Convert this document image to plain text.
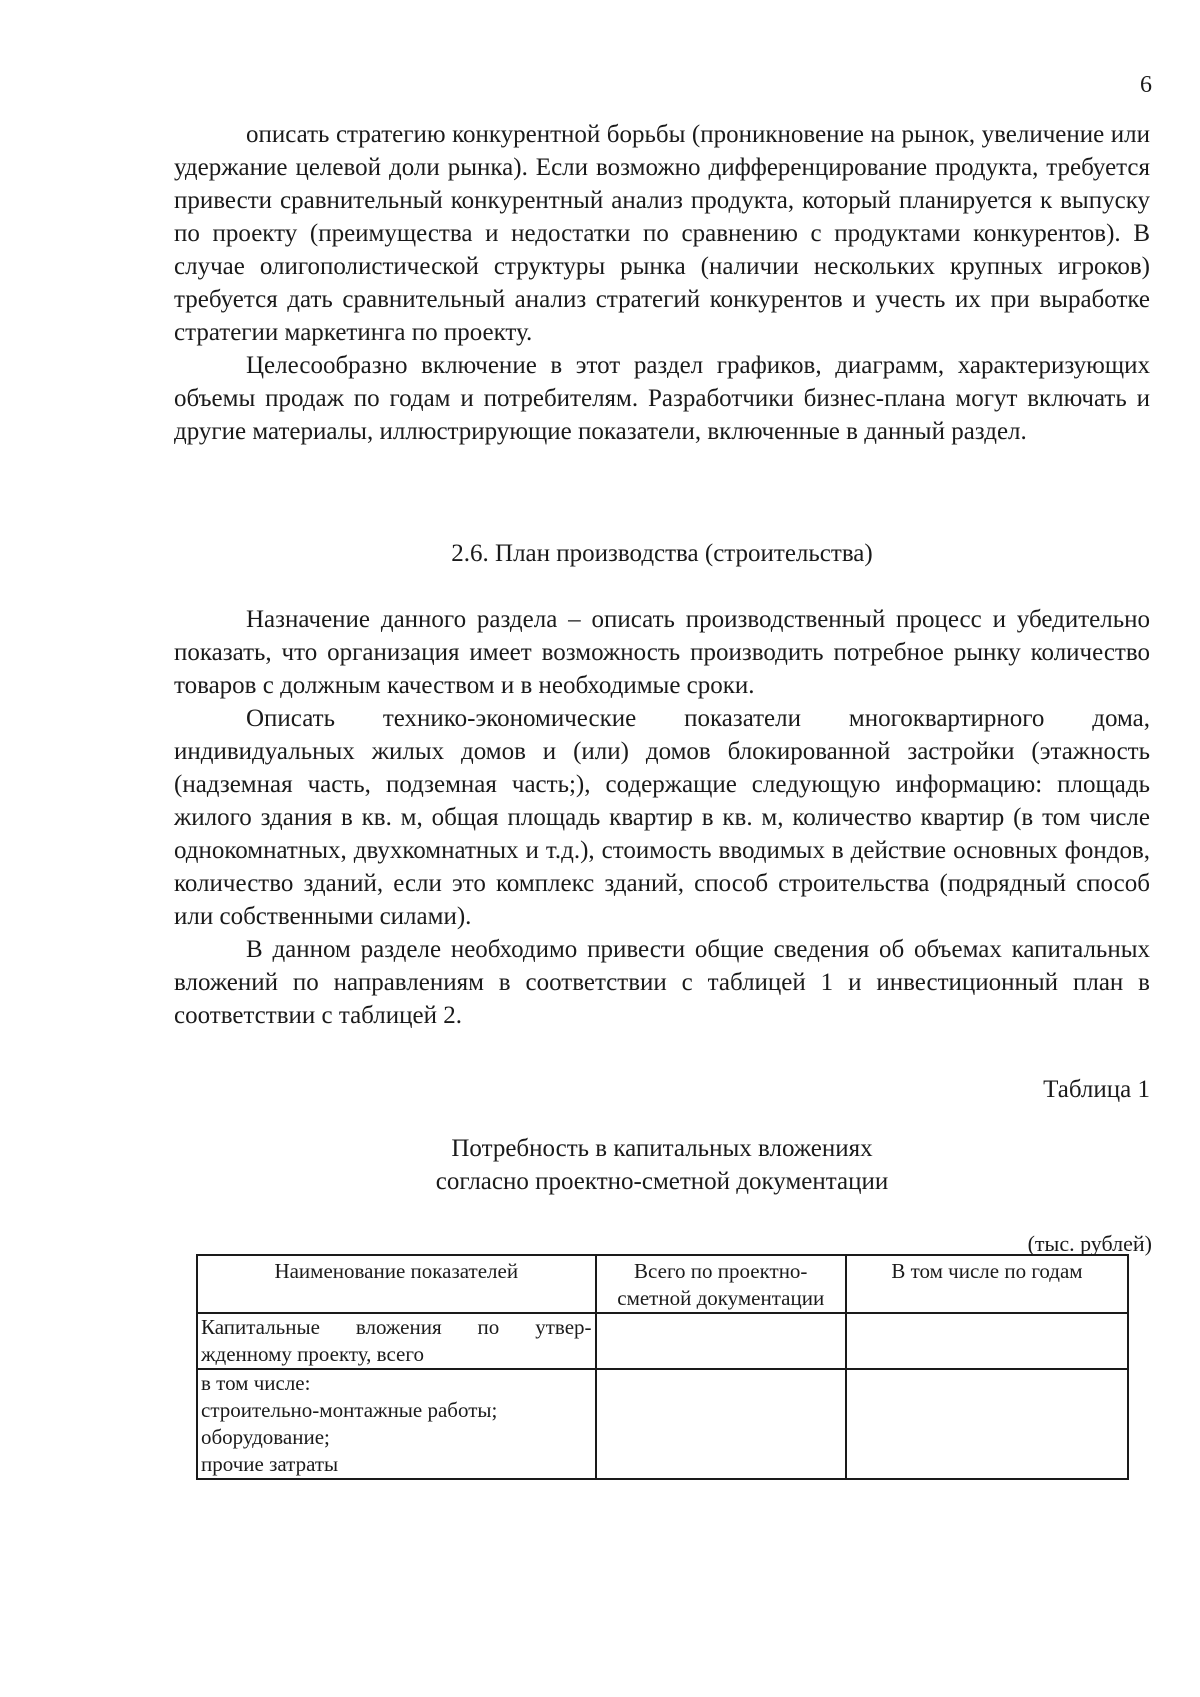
6

описать стратегию конкурентной борьбы (проникновение на рынок, увеличение или удержание целевой доли рынка). Если возможно дифференцирование продукта, требуется привести сравнительный конкурентный анализ продукта, который планируется к выпуску по проекту (преимущества и недостатки по сравнению с продуктами конкурентов). В случае олигополистической структуры рынка (наличии нескольких крупных игроков) требуется дать сравнительный анализ стратегий конкурентов и учесть их при выработке стратегии маркетинга по проекту.

Целесообразно включение в этот раздел графиков, диаграмм, характеризующих объемы продаж по годам и потребителям. Разработчики бизнес-плана могут включать и другие материалы, иллюстрирующие показатели, включенные в данный раздел.

2.6. План производства (строительства)

Назначение данного раздела – описать производственный процесс и убедительно показать, что организация имеет возможность производить потребное рынку количество товаров с должным качеством и в необходимые сроки.

Описать технико-экономические показатели многоквартирного дома, индивидуальных жилых домов и (или) домов блокированной застройки (этажность (надземная часть, подземная часть;), содержащие следующую информацию: площадь жилого здания в кв. м, общая площадь квартир в кв. м, количество квартир (в том числе однокомнатных, двухкомнатных и т.д.), стоимость вводимых в действие основных фондов, количество зданий, если это комплекс зданий, способ строительства (подрядный способ или собственными силами).

В данном разделе необходимо привести общие сведения об объемах капитальных вложений по направлениям в соответствии с таблицей 1 и инвестиционный план в соответствии с таблицей 2.

Таблица 1
Потребность в капитальных вложениях
согласно проектно-сметной документации
(тыс. рублей)
Наименование показателей	Всего по проектно-сметной документации	В том числе по годам

Капитальные вложения по утвер-
жденному проекту, всего		

в том числе:
строительно-монтажные работы;
оборудование;
прочие затраты		
